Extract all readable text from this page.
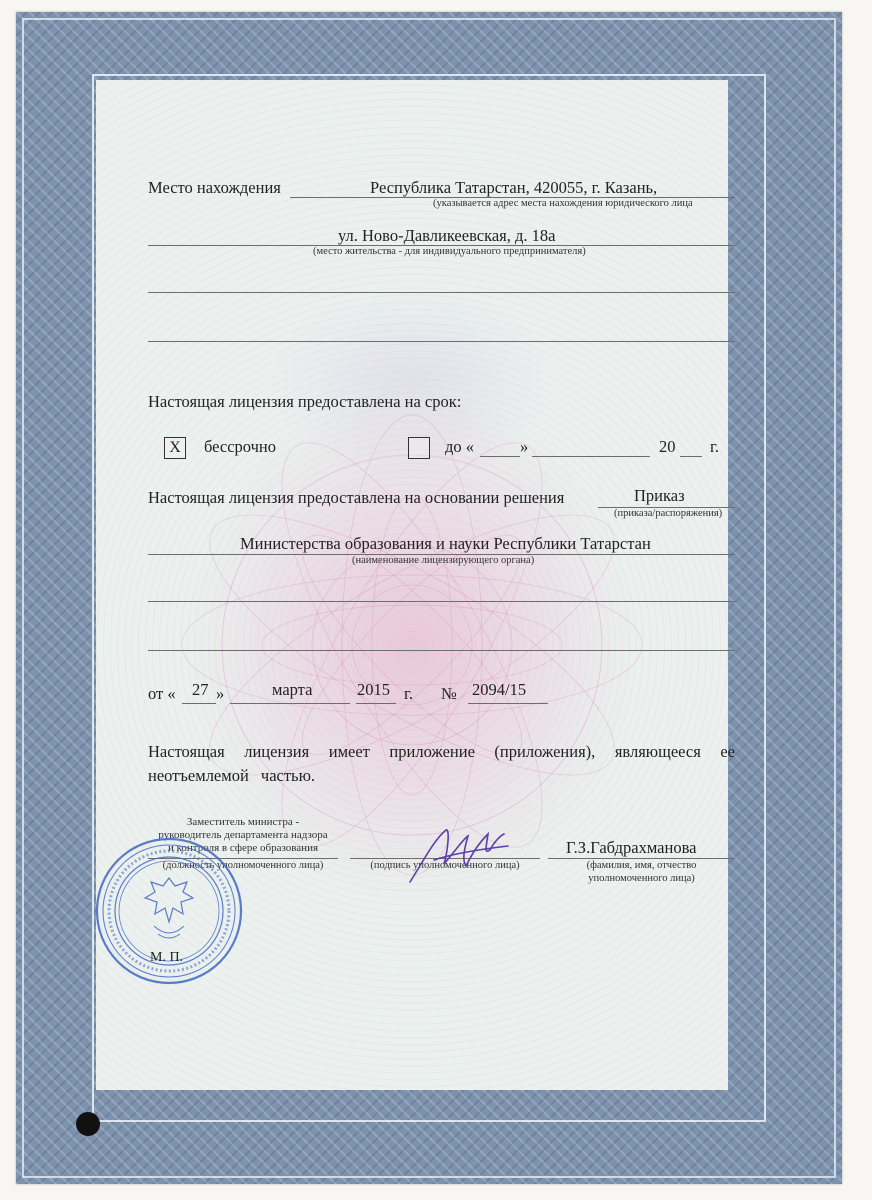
Место нахождения	Республика Татарстан, 420055, г. Казань,
(указывается адрес места нахождения юридического лица
ул. Ново-Давликеевская, д. 18а
(место жительства - для индивидуального предпринимателя)
Настоящая лицензия предоставлена на срок:
X	бессрочно	до «	»	20 г.
Настоящая лицензия предоставлена на основании решения	Приказ
(приказа/распоряжения)
Министерства образования и науки Республики Татарстан
(наименование лицензирующего органа)
от « 27 »	марта	2015 г. № 2094/15
Настоящая лицензия имеет приложение (приложения), являющееся ее
неотъемлемой частью.
Заместитель министра -
руководитель департамента надзора
и контроля в сфере образования
(должность уполномоченного лица)	(подпись уполномоченного лица)
Г.З.Габдрахманова
(фамилия, имя, отчество
уполномоченного лица)
М. П.
